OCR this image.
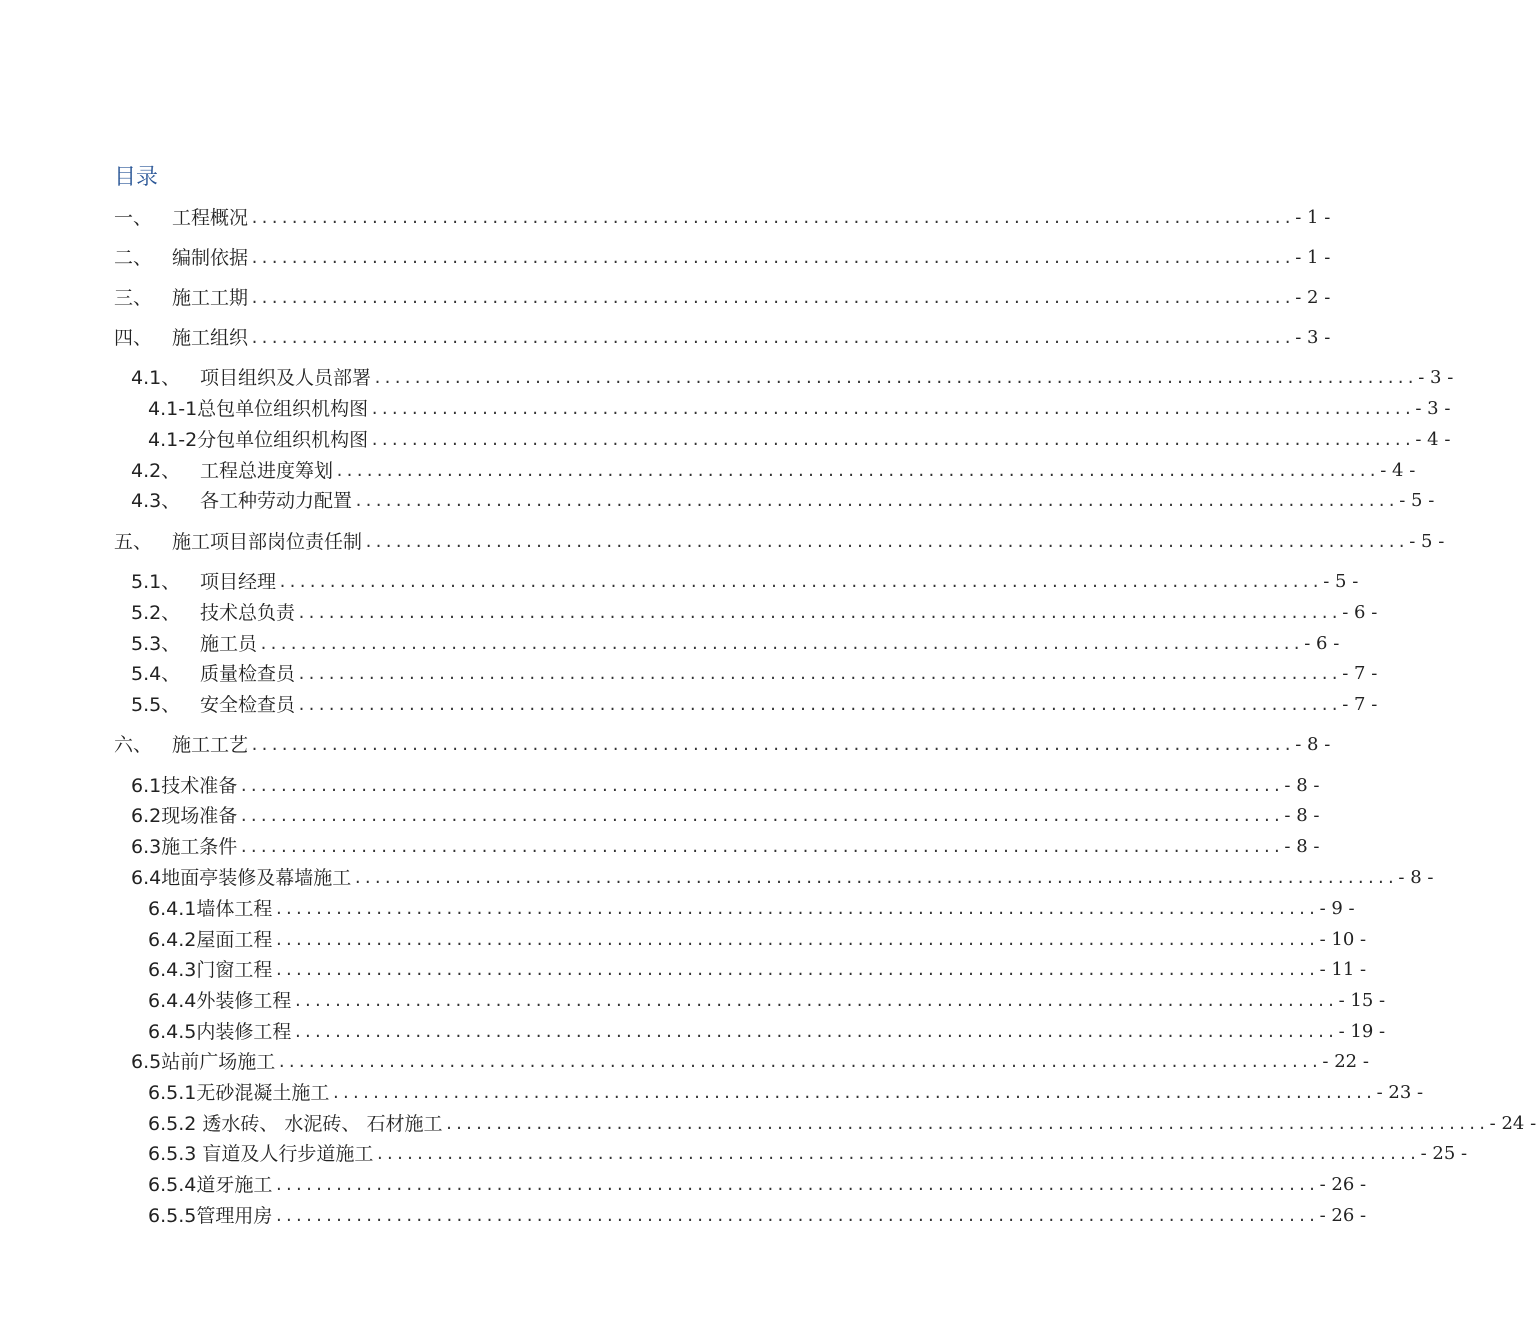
目录
一、 工程概况 ........................................................................................................ - 1 -
二、 编制依据 ........................................................................................................ - 1 -
三、 施工工期 ........................................................................................................ - 2 -
四、 施工组织 ........................................................................................................ - 3 -
4.1、 项目组织及人员部署 ........................................................................................................ - 3 -
4.1-1总包单位组织机构图 ........................................................................................................ - 3 -
4.1-2分包单位组织机构图 ........................................................................................................ - 4 -
4.2、 工程总进度筹划 ........................................................................................................ - 4 -
4.3、 各工种劳动力配置 ........................................................................................................ - 5 -
五、 施工项目部岗位责任制 ........................................................................................................ - 5 -
5.1、 项目经理 ........................................................................................................ - 5 -
5.2、 技术总负责 ........................................................................................................ - 6 -
5.3、 施工员 ........................................................................................................ - 6 -
5.4、 质量检查员 ........................................................................................................ - 7 -
5.5、 安全检查员 ........................................................................................................ - 7 -
六、 施工工艺 ........................................................................................................ - 8 -
6.1技术准备 ........................................................................................................ - 8 -
6.2现场准备 ........................................................................................................ - 8 -
6.3施工条件 ........................................................................................................ - 8 -
6.4地面亭装修及幕墙施工 ........................................................................................................ - 8 -
6.4.1墙体工程 ........................................................................................................ - 9 -
6.4.2屋面工程 ........................................................................................................ - 10 -
6.4.3门窗工程 ........................................................................................................ - 11 -
6.4.4外装修工程 ........................................................................................................ - 15 -
6.4.5内装修工程 ........................................................................................................ - 19 -
6.5站前广场施工 ........................................................................................................ - 22 -
6.5.1无砂混凝土施工 ........................................................................................................ - 23 -
6.5.2 透水砖、 水泥砖、 石材施工 ........................................................................................................ - 24 -
6.5.3 盲道及人行步道施工 ........................................................................................................ - 25 -
6.5.4道牙施工 ........................................................................................................ - 26 -
6.5.5管理用房 ........................................................................................................ - 26 -
